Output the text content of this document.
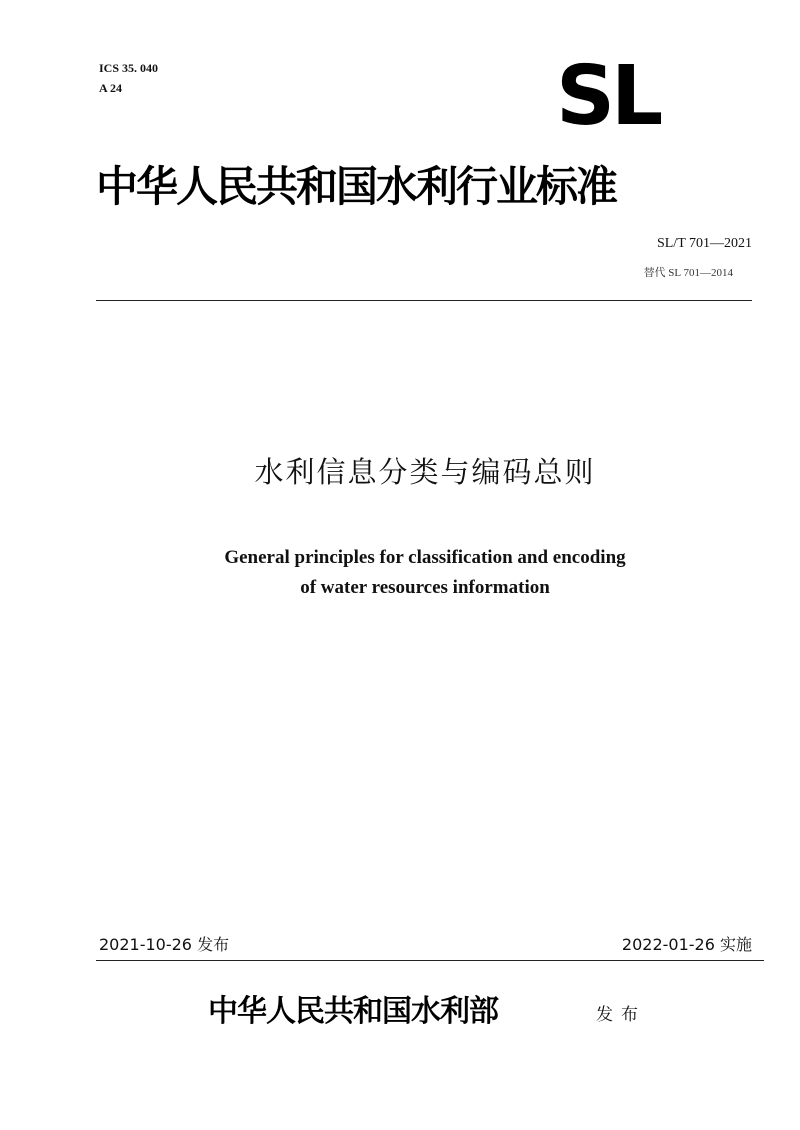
ICS 35. 040
A 24	SL
中华人民共和国水利行业标准
SL/T 701—2021
替代 SL 701—2014
水利信息分类与编码总则
General principles for classification and encoding
of water resources information
2021-10-26 发布	2022-01-26 实施
中华人民共和国水利部	发布
